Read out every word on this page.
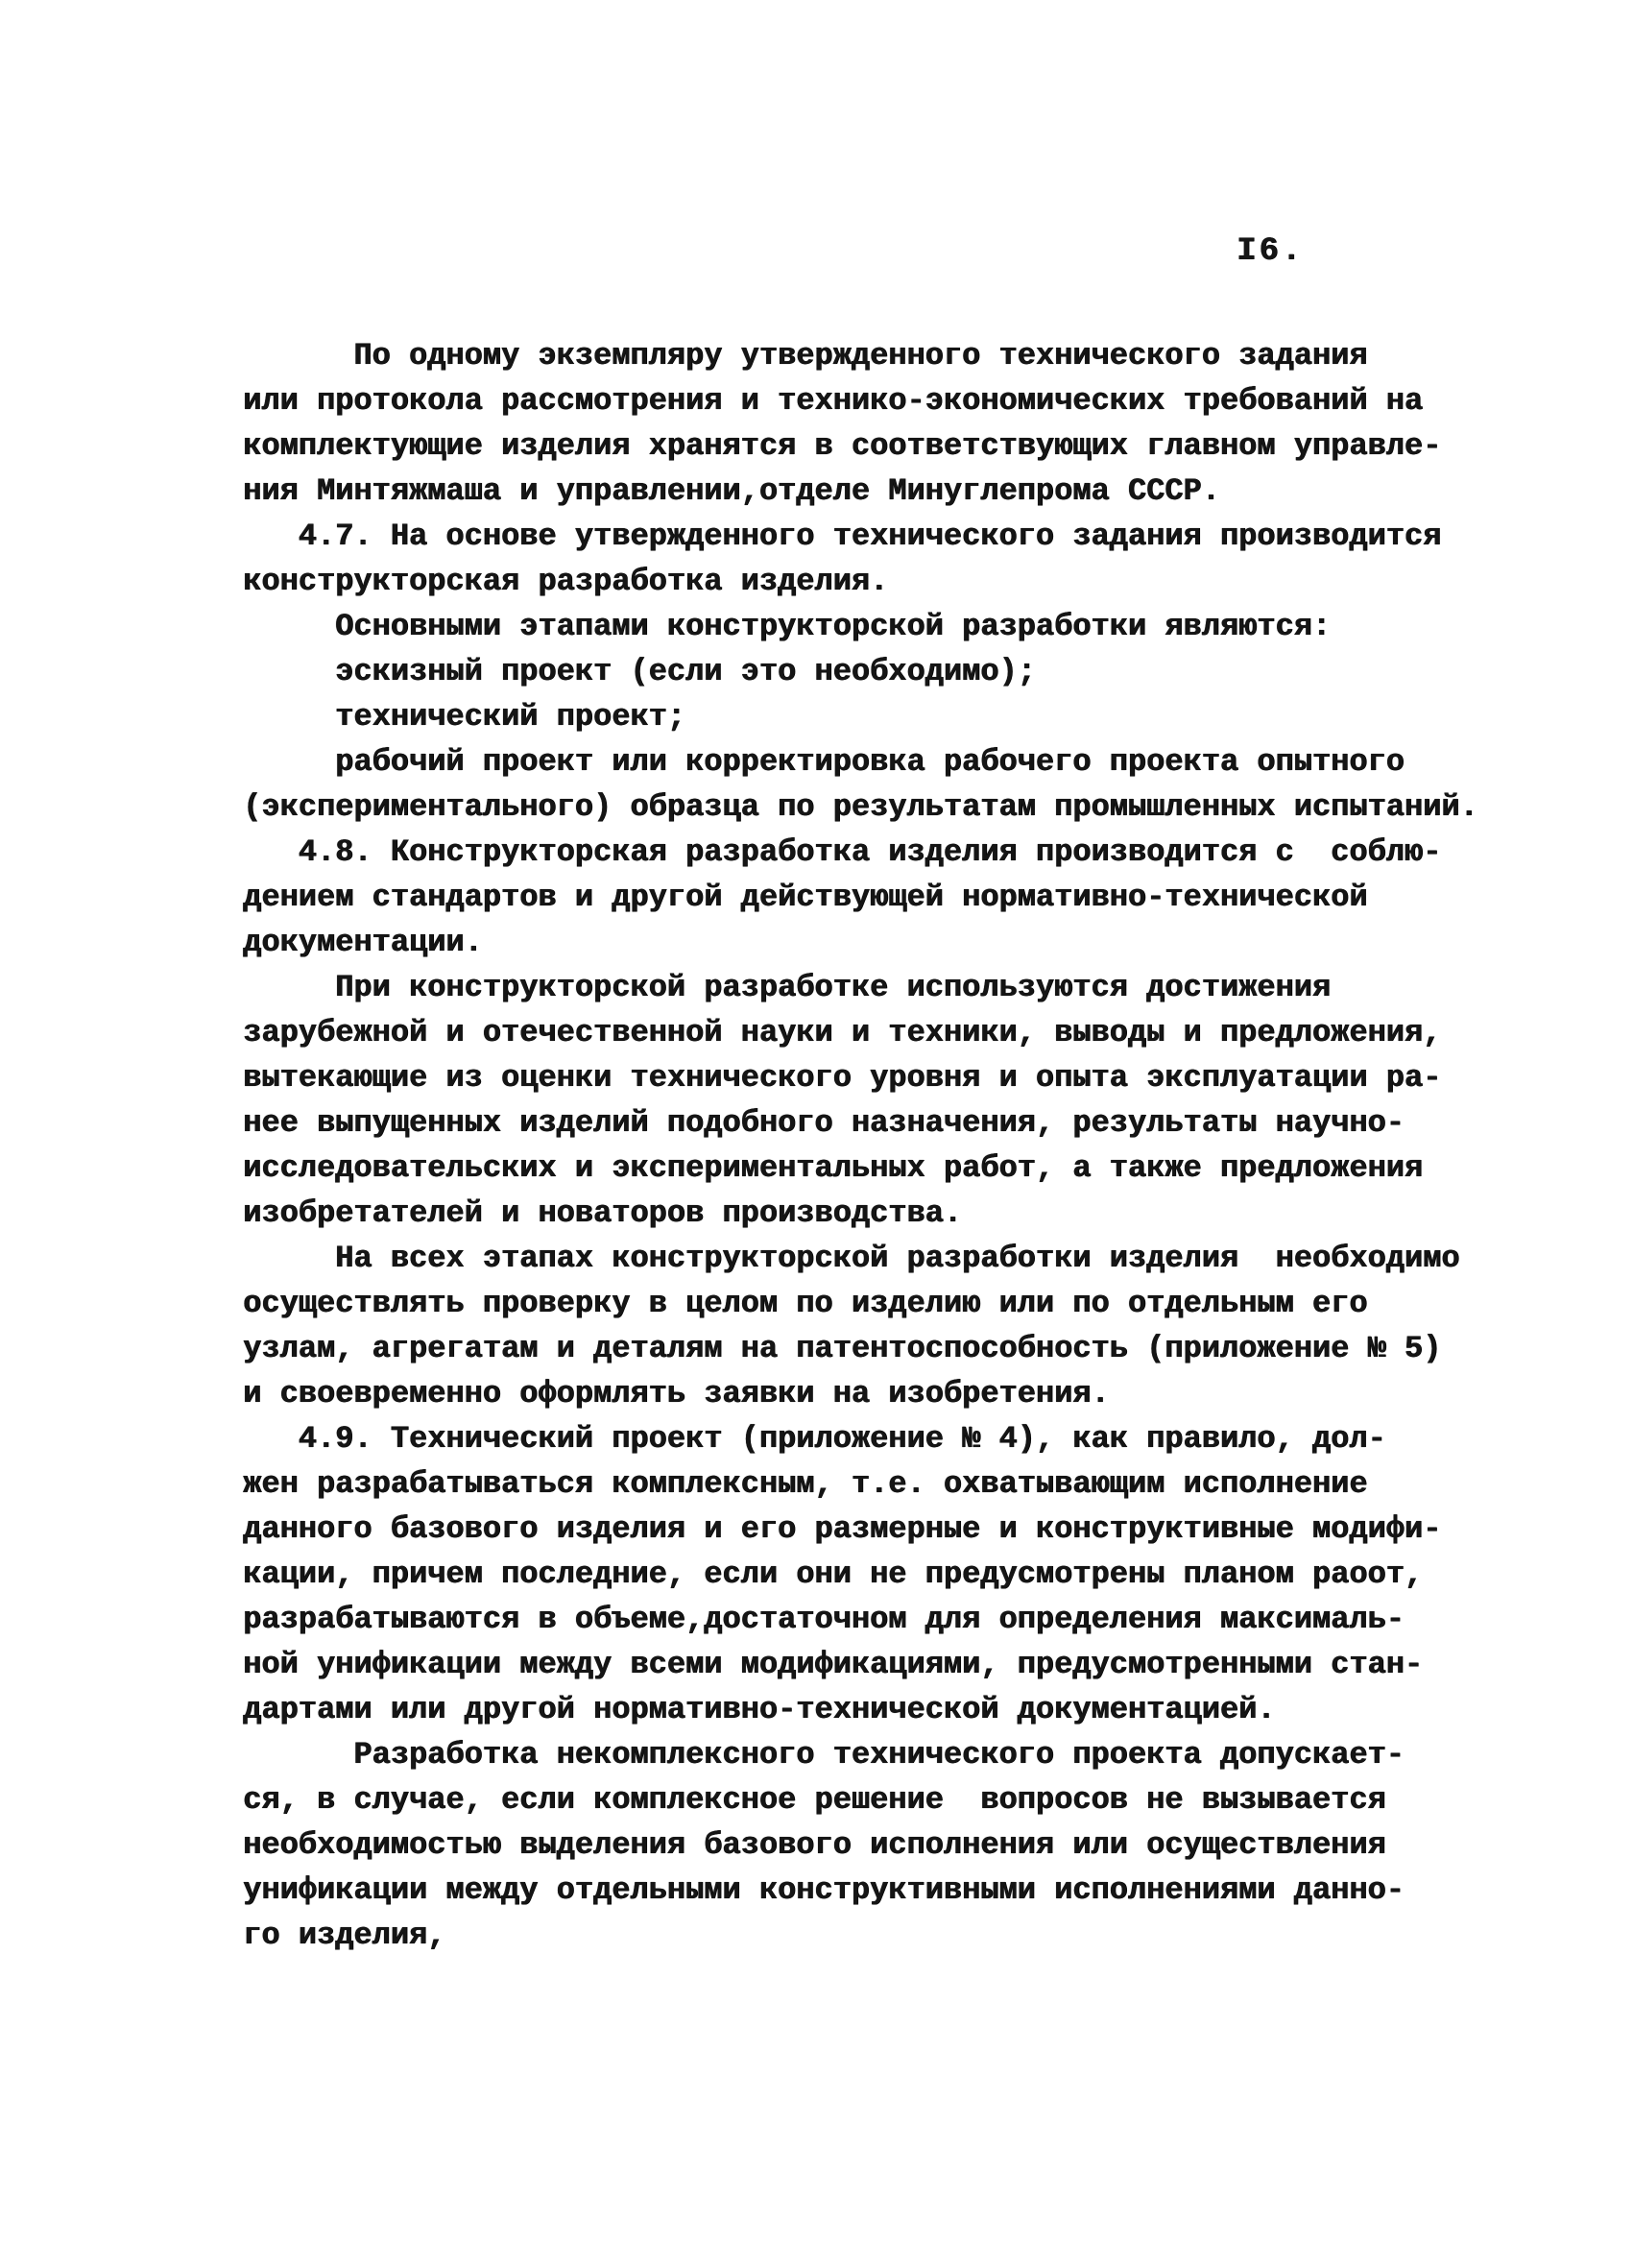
I6.
По одному экземпляру утвержденного технического задания
или протокола рассмотрения и технико-экономических требований на
комплектующие изделия хранятся в соответствующих главном управле-
ния Минтяжмаша и управлении,отделе Минуглепрома СССР.
4.7. На основе утвержденного технического задания производится
конструкторская разработка изделия.
Основными этапами конструкторской разработки являются:
эскизный проект (если это необходимо);
технический проект;
рабочий проект или корректировка рабочего проекта опытного
(экспериментального) образца по результатам промышленных испытаний.
4.8. Конструкторская разработка изделия производится с  соблю-
дением стандартов и другой действующей нормативно-технической
документации.
При конструкторской разработке используются достижения
зарубежной и отечественной науки и техники, выводы и предложения,
вытекающие из оценки технического уровня и опыта эксплуатации ра-
нее выпущенных изделий подобного назначения, результаты научно-
исследовательских и экспериментальных работ, а также предложения
изобретателей и новаторов производства.
На всех этапах конструкторской разработки изделия  необходимо
осуществлять проверку в целом по изделию или по отдельным его
узлам, агрегатам и деталям на патентоспособность (приложение № 5)
и своевременно оформлять заявки на изобретения.
4.9. Технический проект (приложение № 4), как правило, дол-
жен разрабатываться комплексным, т.е. охватывающим исполнение
данного базового изделия и его размерные и конструктивные модифи-
кации, причем последние, если они не предусмотрены планом раоот,
разрабатываются в объеме,достаточном для определения максималь-
ной унификации между всеми модификациями, предусмотренными стан-
дартами или другой нормативно-технической документацией.
Разработка некомплексного технического проекта допускает-
ся, в случае, если комплексное решение  вопросов не вызывается
необходимостью выделения базового исполнения или осуществления
унификации между отдельными конструктивными исполнениями данно-
го изделия,
